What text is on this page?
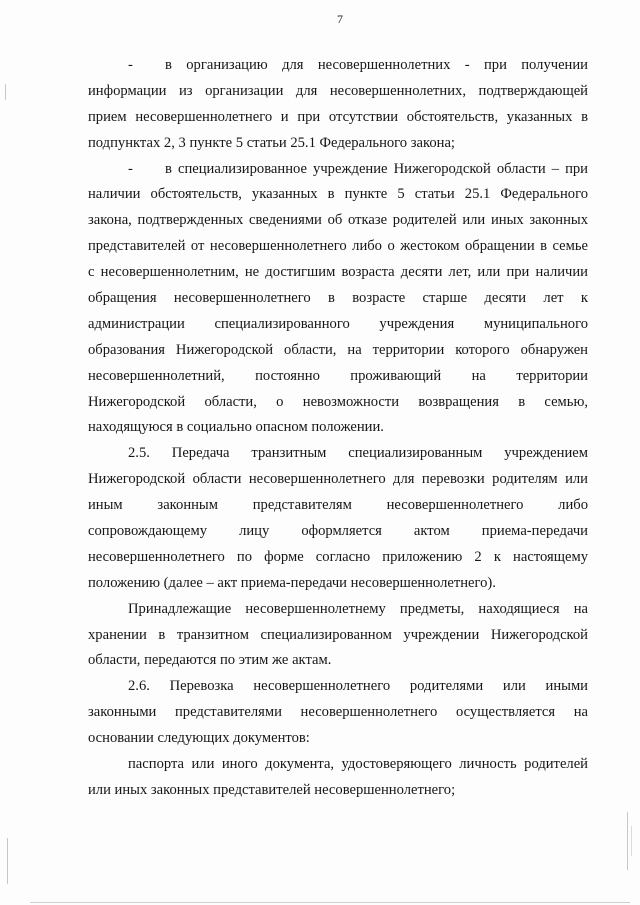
7
- в организацию для несовершеннолетних - при получении
информации из организации для несовершеннолетних, подтверждающей
прием несовершеннолетнего и при отсутствии обстоятельств, указанных в
подпунктах 2, 3 пункте 5 статьи 25.1 Федерального закона;
- в специализированное учреждение Нижегородской области – при
наличии обстоятельств, указанных в пункте 5 статьи 25.1 Федерального
закона, подтвержденных сведениями об отказе родителей или иных законных
представителей от несовершеннолетнего либо о жестоком обращении в семье
с несовершеннолетним, не достигшим возраста десяти лет, или при наличии
обращения несовершеннолетнего в возрасте старше десяти лет к
администрации специализированного учреждения муниципального
образования Нижегородской области, на территории которого обнаружен
несовершеннолетний, постоянно проживающий на территории
Нижегородской области, о невозможности возвращения в семью,
находящуюся в социально опасном положении.
2.5. Передача транзитным специализированным учреждением
Нижегородской области несовершеннолетнего для перевозки родителям или
иным законным представителям несовершеннолетнего либо
сопровождающему лицу оформляется актом приема-передачи
несовершеннолетнего по форме согласно приложению 2 к настоящему
положению (далее – акт приема-передачи несовершеннолетнего).
Принадлежащие несовершеннолетнему предметы, находящиеся на
хранении в транзитном специализированном учреждении Нижегородской
области, передаются по этим же актам.
2.6. Перевозка несовершеннолетнего родителями или иными
законными представителями несовершеннолетнего осуществляется на
основании следующих документов:
паспорта или иного документа, удостоверяющего личность родителей
или иных законных представителей несовершеннолетнего;
